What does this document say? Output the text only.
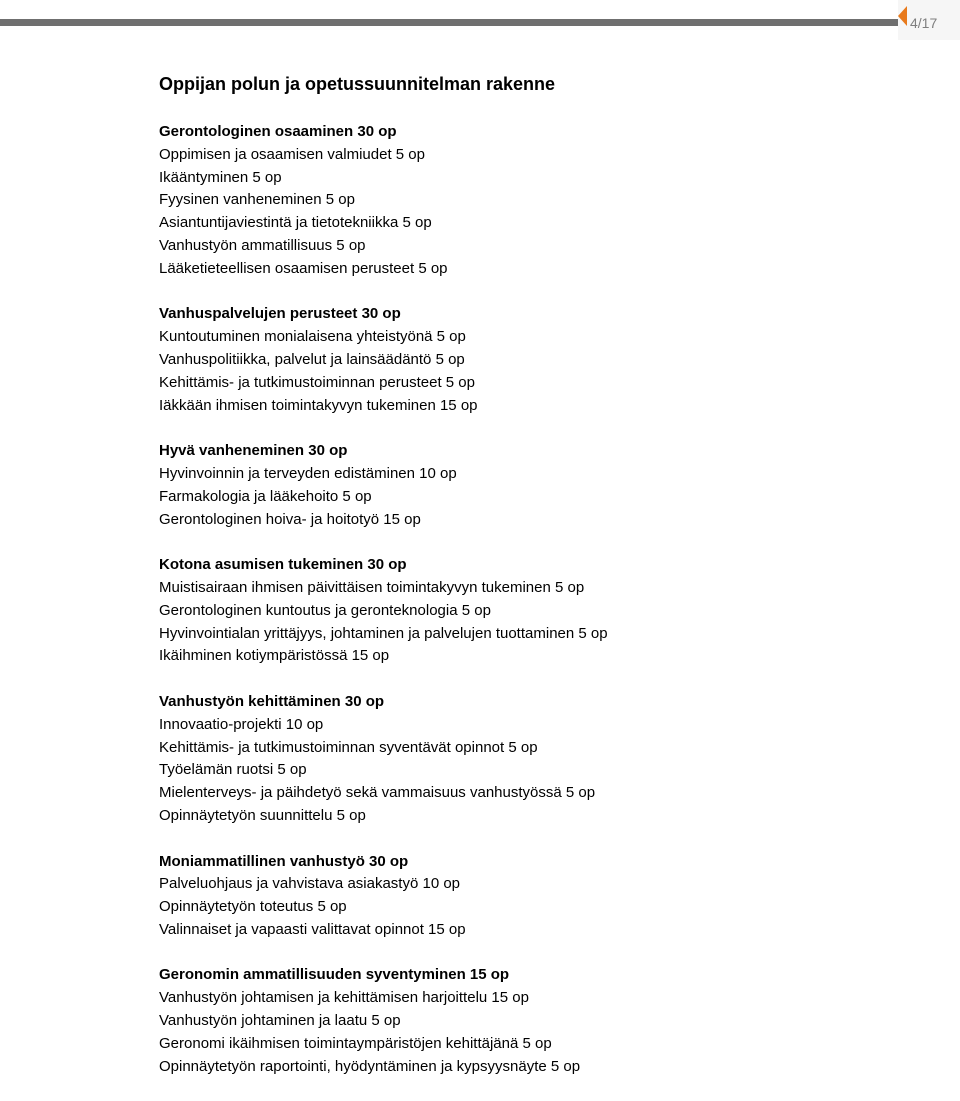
4/17
Oppijan polun ja opetussuunnitelman rakenne
Gerontologinen osaaminen 30 op
Oppimisen ja osaamisen valmiudet 5 op
Ikääntyminen 5 op
Fyysinen vanheneminen 5 op
Asiantuntijaviestintä ja tietotekniikka 5 op
Vanhustyön ammatillisuus 5 op
Lääketieteellisen osaamisen perusteet 5 op
Vanhuspalvelujen perusteet 30 op
Kuntoutuminen monialaisena yhteistyönä 5 op
Vanhuspolitiikka, palvelut ja lainsäädäntö 5 op
Kehittämis- ja tutkimustoiminnan perusteet 5 op
Iäkkään ihmisen toimintakyvyn tukeminen 15 op
Hyvä vanheneminen 30 op
Hyvinvoinnin ja terveyden edistäminen 10 op
Farmakologia ja lääkehoito 5 op
Gerontologinen hoiva- ja hoitotyö 15 op
Kotona asumisen tukeminen 30 op
Muistisairaan ihmisen päivittäisen toimintakyvyn tukeminen 5 op
Gerontologinen kuntoutus ja geronteknologia 5 op
Hyvinvointialan yrittäjyys, johtaminen ja palvelujen tuottaminen 5 op
Ikäihminen kotiympäristössä 15 op
Vanhustyön kehittäminen 30 op
Innovaatio-projekti 10 op
Kehittämis- ja tutkimustoiminnan syventävät opinnot 5 op
Työelämän ruotsi 5 op
Mielenterveys- ja päihdetyö sekä vammaisuus vanhustyössä 5 op
Opinnäytetyön suunnittelu 5 op
Moniammatillinen vanhustyö 30 op
Palveluohjaus ja vahvistava asiakastyö 10 op
Opinnäytetyön toteutus 5 op
Valinnaiset ja vapaasti valittavat opinnot 15 op
Geronomin ammatillisuuden syventyminen 15 op
Vanhustyön johtamisen ja kehittämisen harjoittelu 15 op
Vanhustyön johtaminen ja laatu 5 op
Geronomi ikäihmisen toimintaympäristöjen kehittäjänä 5 op
Opinnäytetyön raportointi, hyödyntäminen ja kypsyysnäyte 5 op
